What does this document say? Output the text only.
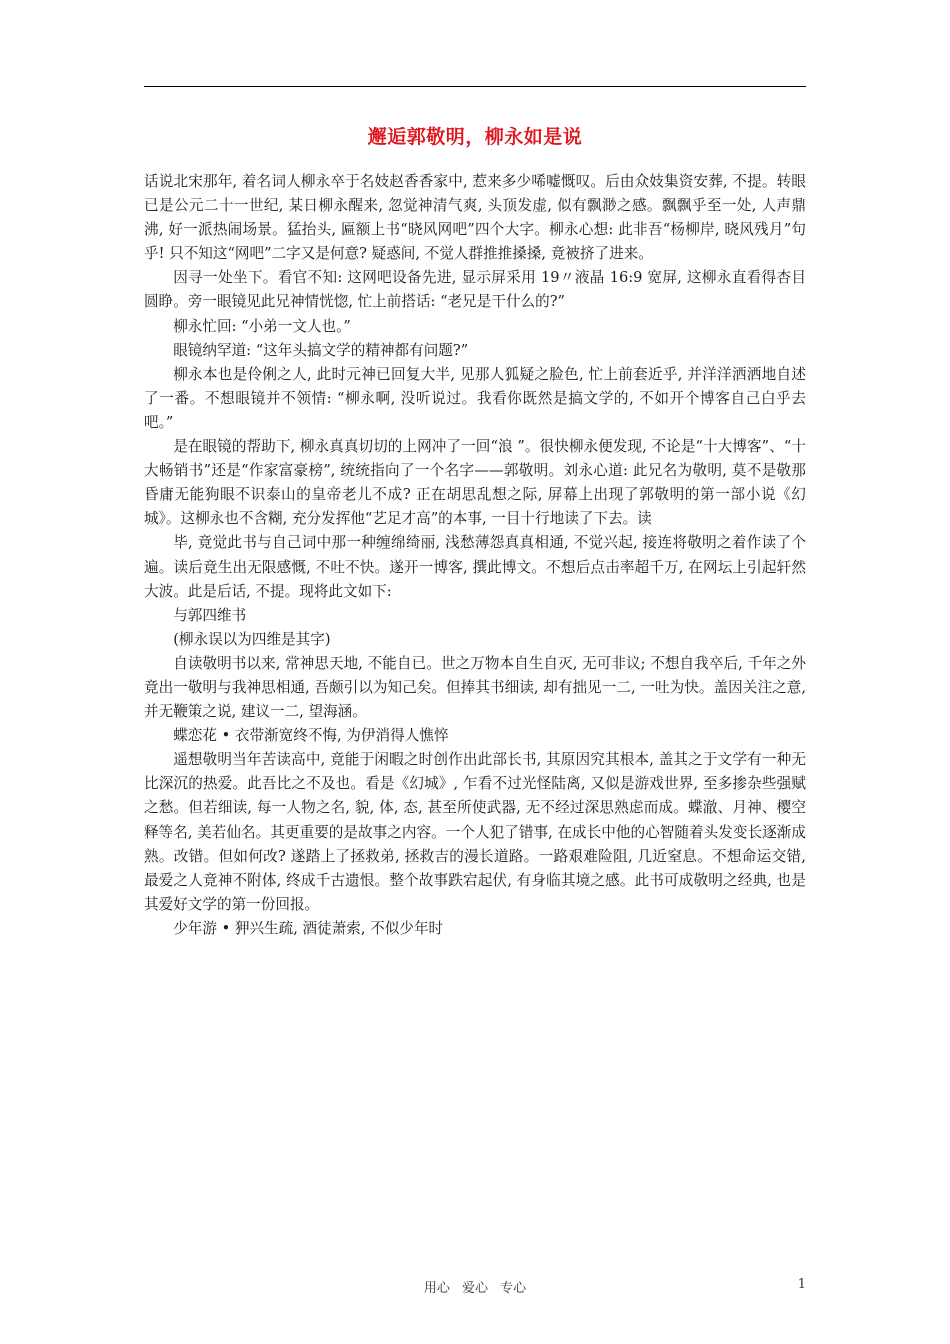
邂逅郭敬明，柳永如是说

话说北宋那年, 着名词人柳永卒于名妓赵香香家中, 惹来多少唏嘘慨叹。后由众妓集资安葬, 不提。转眼已是公元二十一世纪, 某日柳永醒来, 忽觉神清气爽, 头顶发虚, 似有飘渺之感。飘飘乎至一处, 人声鼎沸, 好一派热闹场景。猛抬头, 匾额上书“晓风网吧”四个大字。柳永心想: 此非吾“杨柳岸, 晓风残月”句乎! 只不知这“网吧”二字又是何意? 疑惑间, 不觉人群推推搡搡, 竟被挤了进来。

因寻一处坐下。看官不知: 这网吧设备先进, 显示屏采用 19〃液晶 16:9 宽屏, 这柳永直看得杏目圆睁。旁一眼镜见此兄神情恍惚, 忙上前搭话: “老兄是干什么的?”

柳永忙回: “小弟一文人也。”

眼镜纳罕道: “这年头搞文学的精神都有问题?”

柳永本也是伶俐之人, 此时元神已回复大半, 见那人狐疑之脸色, 忙上前套近乎, 并洋洋洒洒地自述了一番。不想眼镜并不领情: “柳永啊, 没听说过。我看你既然是搞文学的, 不如开个博客自己白乎去吧。”

是在眼镜的帮助下, 柳永真真切切的上网冲了一回“浪 ”。很快柳永便发现, 不论是“十大博客”、“十大畅销书”还是“作家富豪榜”, 统统指向了一个名字——郭敬明。刘永心道: 此兄名为敬明, 莫不是敬那昏庸无能狗眼不识泰山的皇帝老儿不成? 正在胡思乱想之际, 屏幕上出现了郭敬明的第一部小说《幻城》。这柳永也不含糊, 充分发挥他“艺足才高”的本事, 一目十行地读了下去。读

毕, 竟觉此书与自己词中那一种缠绵绮丽, 浅愁薄怨真真相通, 不觉兴起, 接连将敬明之着作读了个遍。读后竟生出无限感慨, 不吐不快。遂开一博客, 撰此博文。不想后点击率超千万, 在网坛上引起轩然大波。此是后话, 不提。现将此文如下:

与郭四维书

(柳永误以为四维是其字)

自读敬明书以来, 常神思天地, 不能自已。世之万物本自生自灭, 无可非议; 不想自我卒后, 千年之外竟出一敬明与我神思相通, 吾颇引以为知己矣。但捧其书细读, 却有拙见一二, 一吐为快。盖因关注之意, 并无鞭策之说, 建议一二, 望海涵。

蝶恋花 • 衣带渐宽终不悔, 为伊消得人憔悴

遥想敬明当年苦读高中, 竟能于闲暇之时创作出此部长书, 其原因究其根本, 盖其之于文学有一种无比深沉的热爱。此吾比之不及也。看是《幻城》, 乍看不过光怪陆离, 又似是游戏世界, 至多掺杂些强赋之愁。但若细读, 每一人物之名, 貌, 体, 态, 甚至所使武器, 无不经过深思熟虑而成。蝶澈、月神、樱空释等名, 美若仙名。其更重要的是故事之内容。一个人犯了错事, 在成长中他的心智随着头发变长逐渐成熟。改错。但如何改? 遂踏上了拯救弟, 拯救吉的漫长道路。一路艰难险阻, 几近窒息。不想命运交错, 最爱之人竟神不附体, 终成千古遗恨。整个故事跌宕起伏, 有身临其境之感。此书可成敬明之经典, 也是其爱好文学的第一份回报。

少年游 • 狎兴生疏, 酒徒萧索, 不似少年时

用心 爱心 专心	1
